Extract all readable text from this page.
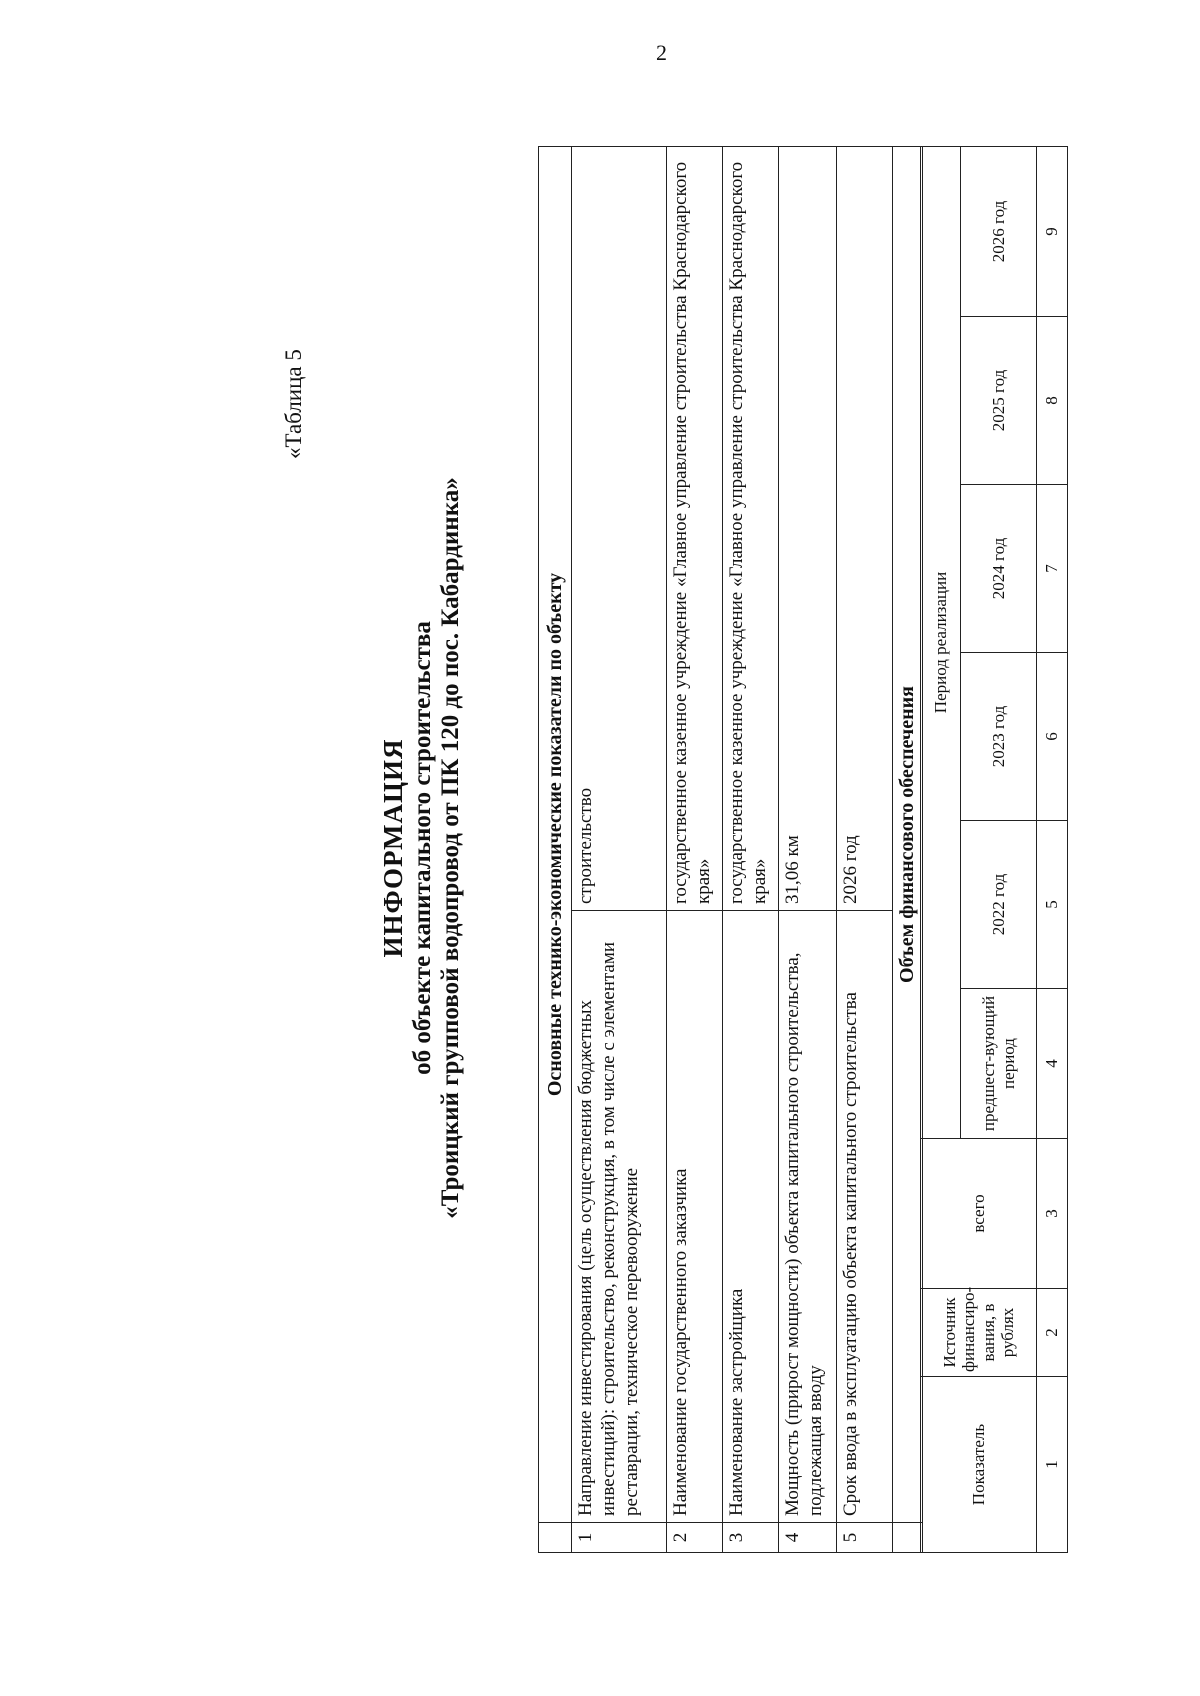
2
«Таблица 5
ИНФОРМАЦИЯ об объекте капитального строительства «Троицкий групповой водопровод от ПК 120 до пос. Кабардинка»
		Основные технико-экономические показатели по объекту	
1	Направление инвестирования (цель осуществления бюджетных инвестиций): строительство, реконструкция, в том числе с элементами реставрации, техническое перевооружение	строительство
2	Наименование государственного заказчика	государственное казенное учреждение «Главное управление строительства Краснодарского края»
3	Наименование застройщика	государственное казенное учреждение «Главное управление строительства Краснодарского края»
4	Мощность (прирост мощности) объекта капитального строительства, подлежащая вводу	31,06 км
5	Срок ввода в эксплуатацию объекта капитального строительства	2026 год
	Объем финансового обеспечения	
Показатель	Источник финансиро-вания, в рублях	всего	Период реализации					
			предшест-вующий период	2022 год	2023 год	2024 год	2025 год	2026 год
1	2	3	4	5	6	7	8	9
